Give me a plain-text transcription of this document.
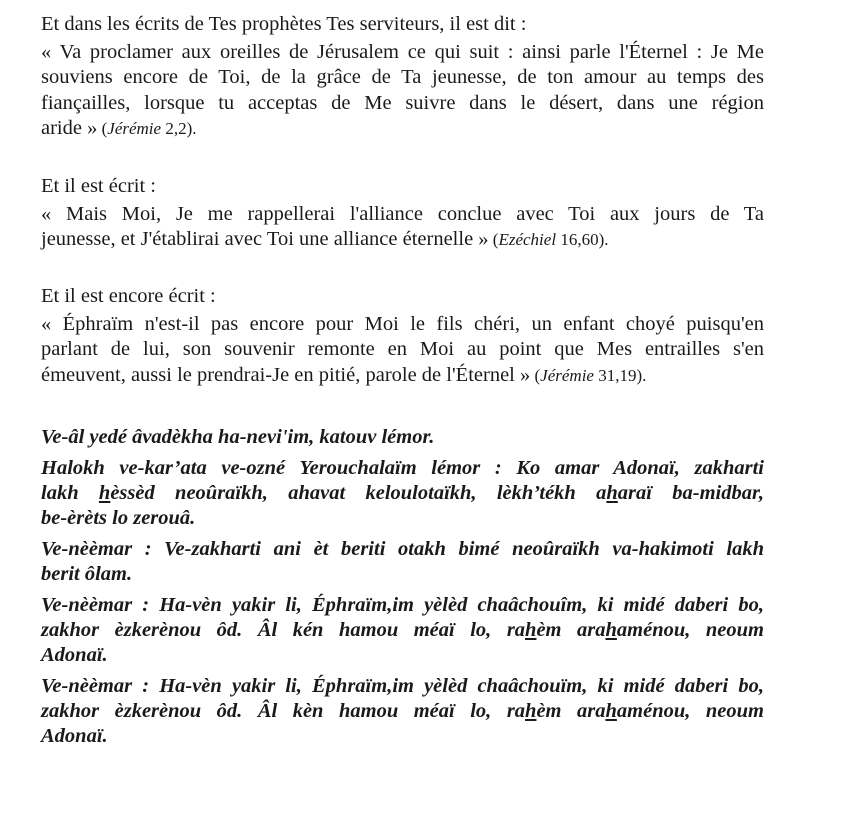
Et dans les écrits de Tes prophètes Tes serviteurs, il est dit :
« Va proclamer aux oreilles de Jérusalem ce qui suit : ainsi parle l'Éternel : Je Me
souviens encore de Toi, de la grâce de Ta jeunesse, de ton amour au temps des
fiançailles, lorsque tu acceptas de Me suivre dans le désert, dans une région
aride » (Jérémie 2,2).
Et il est écrit :
« Mais Moi, Je me rappellerai l'alliance conclue avec Toi aux jours de Ta
jeunesse, et J'établirai avec Toi une alliance éternelle » (Ezéchiel 16,60).
Et il est encore écrit :
« Éphraïm n'est-il pas encore pour Moi le fils chéri, un enfant choyé puisqu'en
parlant de lui, son souvenir remonte en Moi au point que Mes entrailles s'en
émeuvent, aussi le prendrai-Je en pitié, parole de l'Éternel » (Jérémie 31,19).
Ve-âl yedé âvadèkha ha-nevi'im, katouv lémor.
Halokh ve-kar’ata ve-ozné Yerouchalaïm lémor : Ko amar Adonaï, zakharti
lakh hèssèd neoûraïkh, ahavat keloulotaïkh, lèkh’tékh aharaï ba-midbar,
be-èrèts lo zerouâ.
Ve-nèèmar : Ve-zakharti ani èt beriti otakh bimé neoûraïkh va-hakimoti lakh
berit ôlam.
Ve-nèèmar : Ha-vèn yakir li, Éphraïm,im yèlèd chaâchouîm, ki midé daberi bo,
zakhor èzkerènou ôd. Âl kén hamou méaï lo, rahèm arahaménou, neoum
Adonaï.
Ve-nèèmar : Ha-vèn yakir li, Éphraïm,im yèlèd chaâchouïm, ki midé daberi bo,
zakhor èzkerènou ôd. Âl kèn hamou méaï lo, rahèm arahaménou, neoum
Adonaï.
